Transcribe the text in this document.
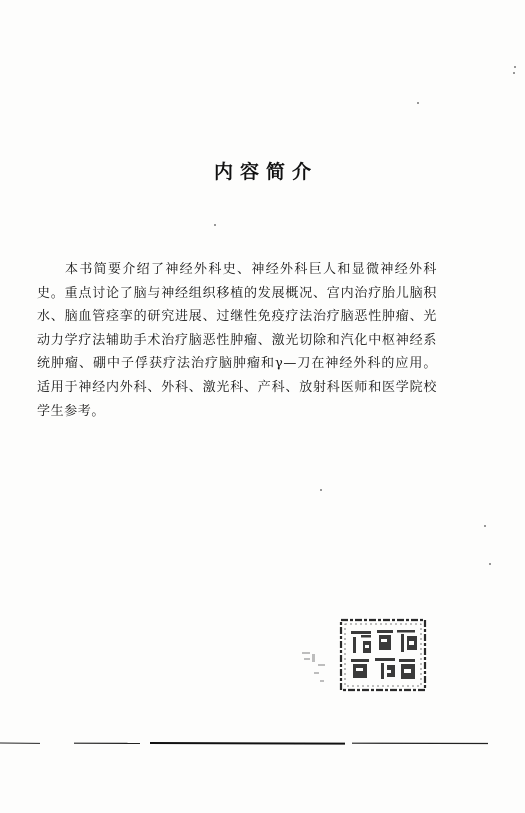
内容简介

本书简要介绍了神经外科史、神经外科巨人和显微神经外科史。重点讨论了脑与神经组织移植的发展概况、宫内治疗胎儿脑积水、脑血管痉挛的研究进展、过继性免疫疗法治疗脑恶性肿瘤、光动力学疗法辅助手术治疗脑恶性肿瘤、激光切除和汽化中枢神经系统肿瘤、硼中子俘获疗法治疗脑肿瘤和γ—刀在神经外科的应用。适用于神经内外科、外科、激光科、产科、放射科医师和医学院校学生参考。
